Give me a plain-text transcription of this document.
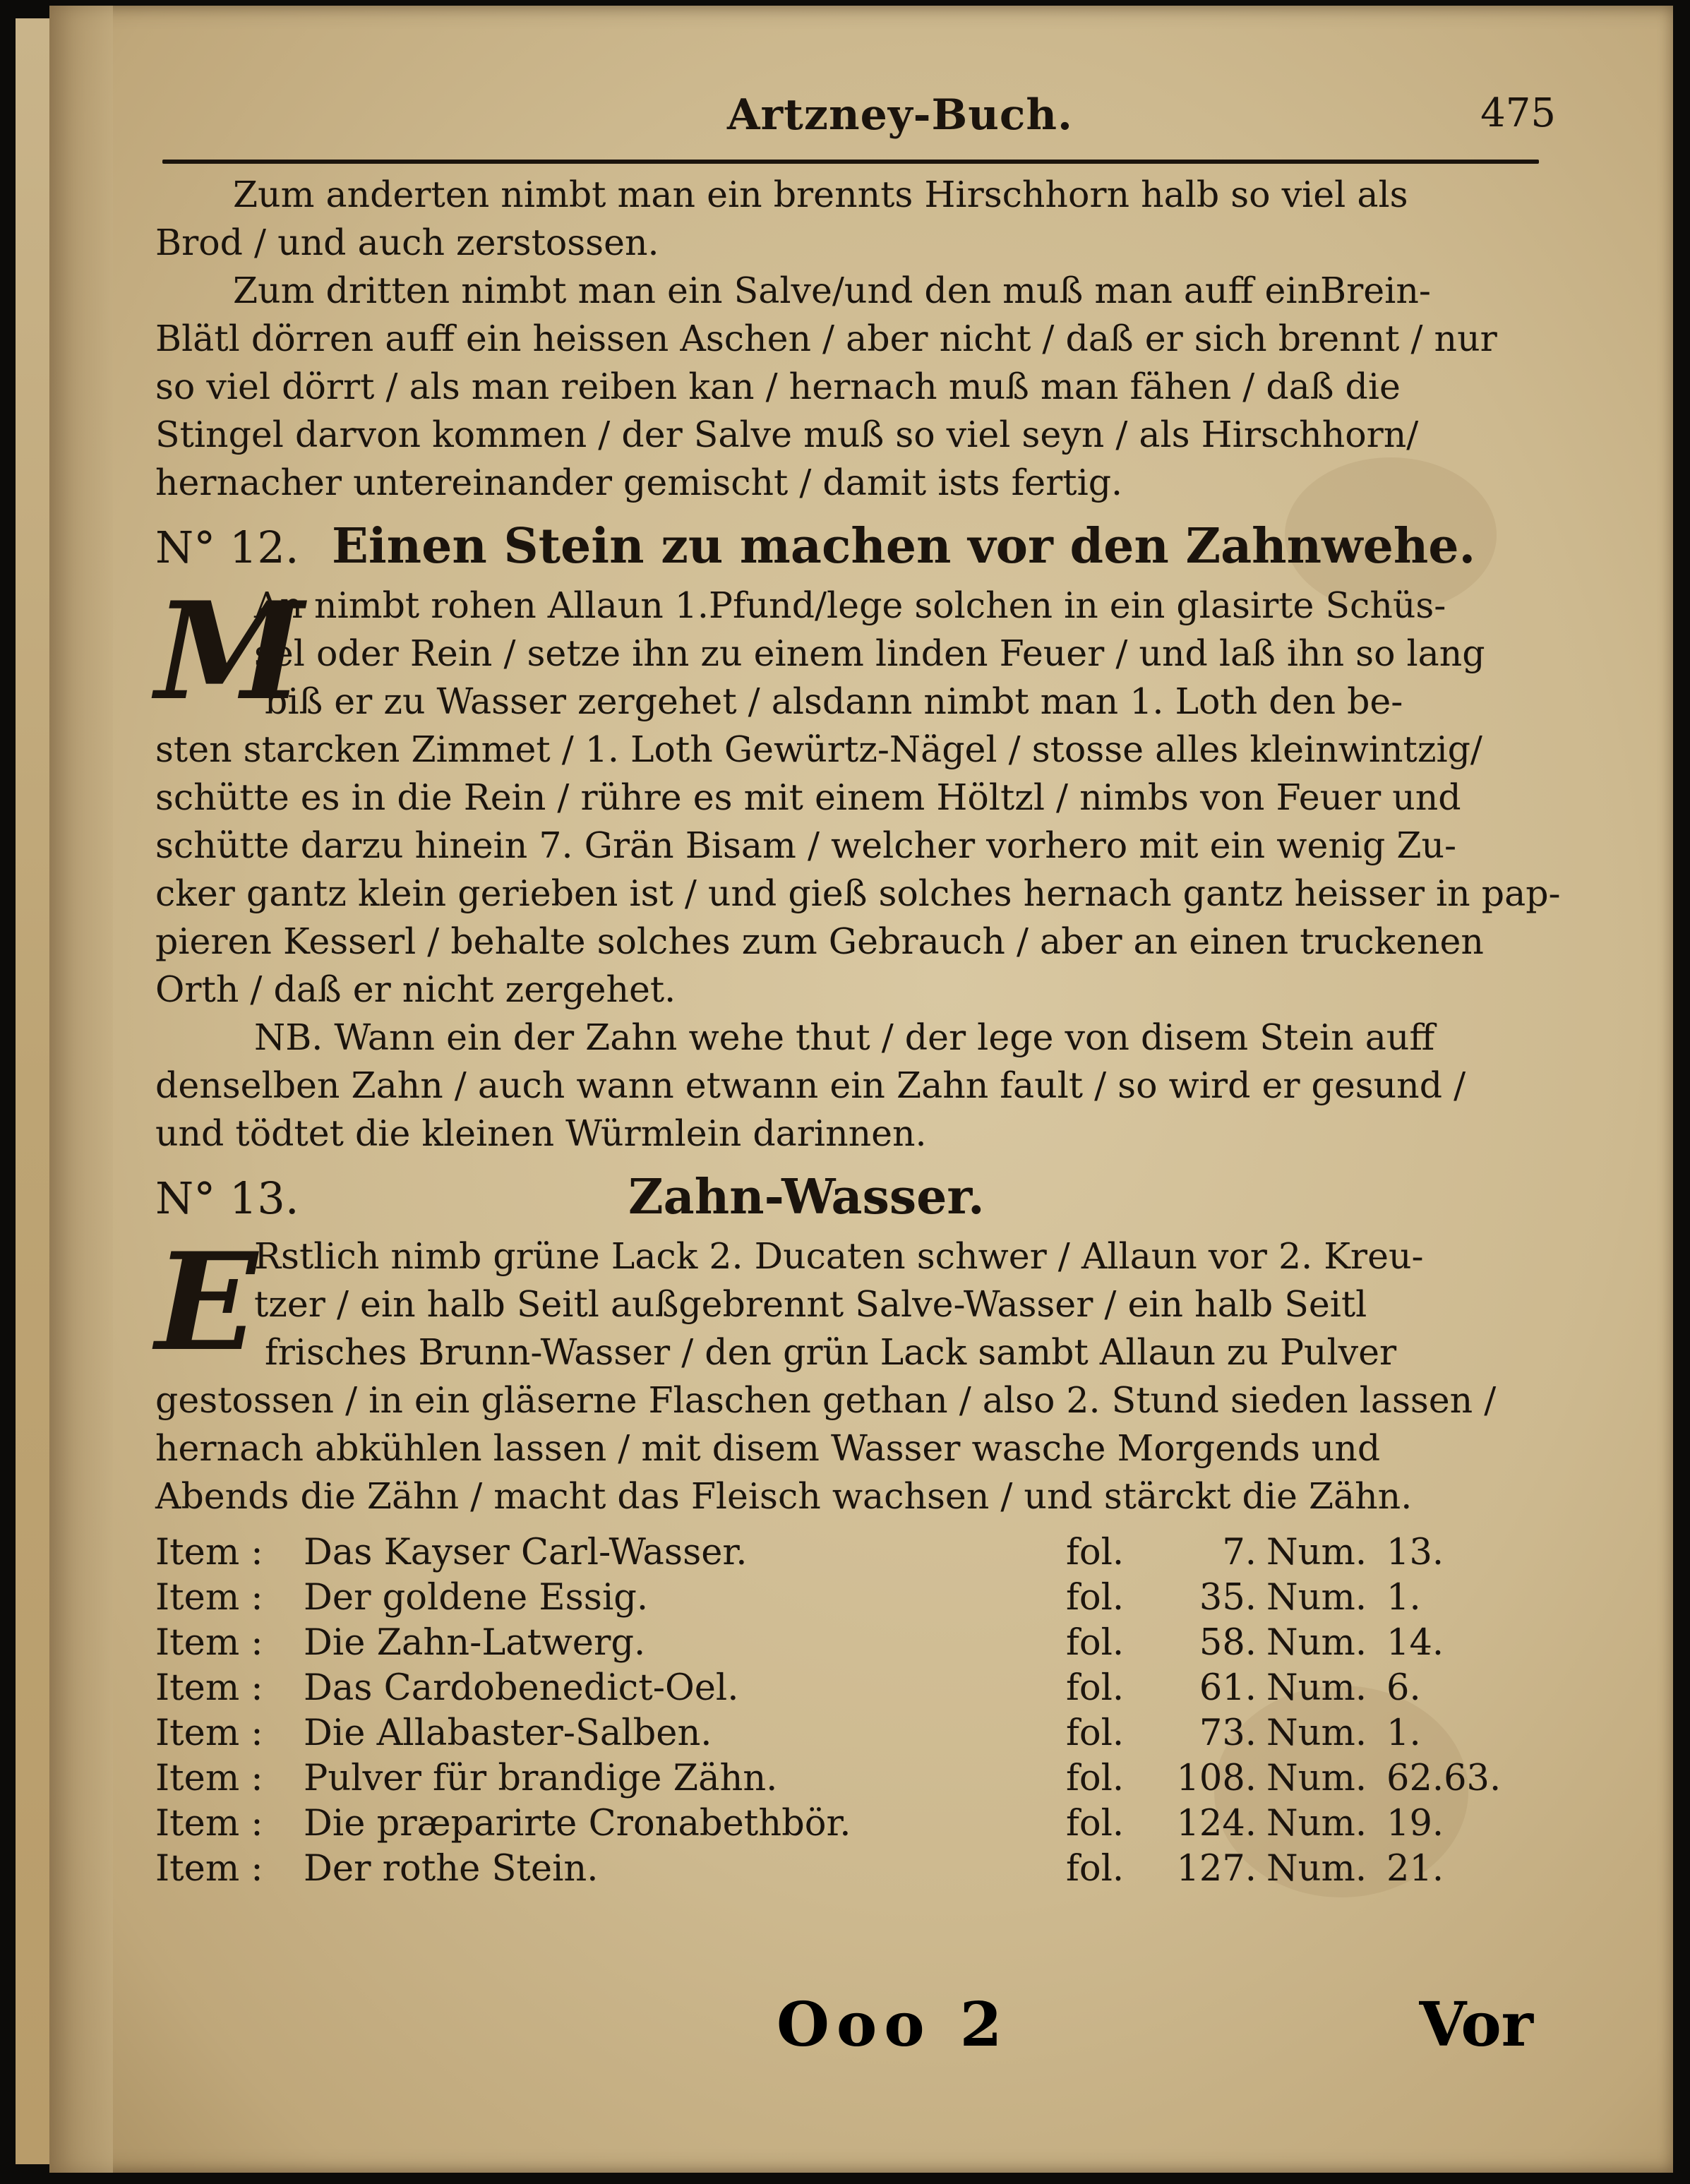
Artzney-Buch.	475
Zum anderten nimbt man ein brennts Hirschhorn halb so viel als
Brod / und auch zerstossen.
Zum dritten nimbt man ein Salve/und den muß man auff einBrein-
Blätl dörren auff ein heissen Aschen / aber nicht / daß er sich brennt / nur
so viel dörrt / als man reiben kan / hernach muß man fähen / daß die
Stingel darvon kommen / der Salve muß so viel seyn / als Hirschhorn/
hernacher untereinander gemischt / damit ists fertig.
N° 12. Einen Stein zu machen vor den Zahnwehe.
M
An nimbt rohen Allaun 1.Pfund/lege solchen in ein glasirte Schüs-
sel oder Rein / setze ihn zu einem linden Feuer / und laß ihn so lang
biß er zu Wasser zergehet / alsdann nimbt man 1. Loth den be-
sten starcken Zimmet / 1. Loth Gewürtz-Nägel / stosse alles kleinwintzig/
schütte es in die Rein / rühre es mit einem Höltzl / nimbs von Feuer und
schütte darzu hinein 7. Grän Bisam / welcher vorhero mit ein wenig Zu-
cker gantz klein gerieben ist / und gieß solches hernach gantz heisser in pap-
pieren Kesserl / behalte solches zum Gebrauch / aber an einen truckenen
Orth / daß er nicht zergehet.
NB. Wann ein der Zahn wehe thut / der lege von disem Stein auff
denselben Zahn / auch wann etwann ein Zahn fault / so wird er gesund /
und tödtet die kleinen Würmlein darinnen.
N° 13.	Zahn-Wasser.
E
Rstlich nimb grüne Lack 2. Ducaten schwer / Allaun vor 2. Kreu-
tzer / ein halb Seitl außgebrennt Salve-Wasser / ein halb Seitl
frisches Brunn-Wasser / den grün Lack sambt Allaun zu Pulver
gestossen / in ein gläserne Flaschen gethan / also 2. Stund sieden lassen /
hernach abkühlen lassen / mit disem Wasser wasche Morgends und
Abends die Zähn / macht das Fleisch wachsen / und stärckt die Zähn.
Item :	Das Kayser Carl-Wasser.	fol.	7. Num. 13.
Item :	Der goldene Essig.	fol.	35. Num. 1.
Item :	Die Zahn-Latwerg.	fol.	58. Num. 14.
Item :	Das Cardobenedict-Oel.	fol.	61. Num. 6.
Item :	Die Allabaster-Salben.	fol.	73. Num. 1.
Item :	Pulver für brandige Zähn.	fol.	108. Num. 62.63.
Item :	Die præparirte Cronabethbör.	fol.	124. Num. 19.
Item :	Der rothe Stein.	fol.	127. Num. 21.
Ooo 2	Vor
